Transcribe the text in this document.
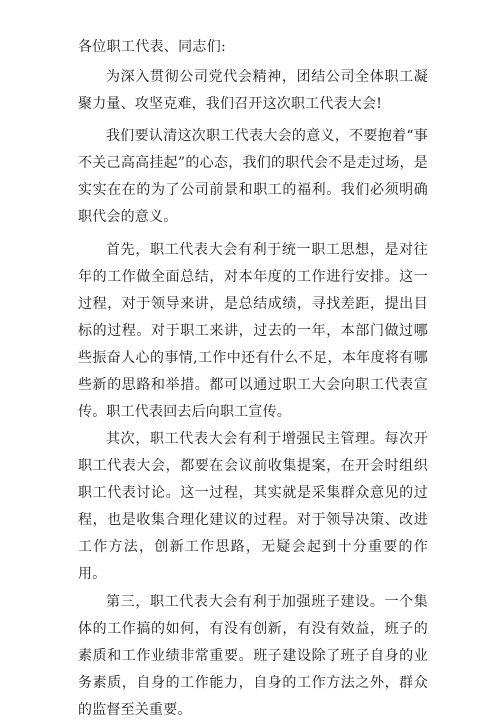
各位职工代表、同志们:

为深入贯彻公司党代会精神，团结公司全体职工凝聚力量、攻坚克难，我们召开这次职工代表大会!

我们要认清这次职工代表大会的意义，不要抱着“事不关己高高挂起”的心态，我们的职代会不是走过场，是实实在在的为了公司前景和职工的福利。我们必须明确职代会的意义。

首先，职工代表大会有利于统一职工思想，是对往年的工作做全面总结，对本年度的工作进行安排。这一过程，对于领导来讲，是总结成绩，寻找差距，提出目标的过程。对于职工来讲，过去的一年，本部门做过哪些振奋人心的事情,工作中还有什么不足，本年度将有哪些新的思路和举措。都可以通过职工大会向职工代表宣传。职工代表回去后向职工宣传。

其次，职工代表大会有利于增强民主管理。每次开职工代表大会，都要在会议前收集提案，在开会时组织职工代表讨论。这一过程，其实就是采集群众意见的过程，也是收集合理化建议的过程。对于领导决策、改进工作方法，创新工作思路，无疑会起到十分重要的作用。

第三，职工代表大会有利于加强班子建设。一个集体的工作搞的如何，有没有创新，有没有效益，班子的素质和工作业绩非常重要。班子建设除了班子自身的业务素质，自身的工作能力，自身的工作方法之外，群众的监督至关重要。
